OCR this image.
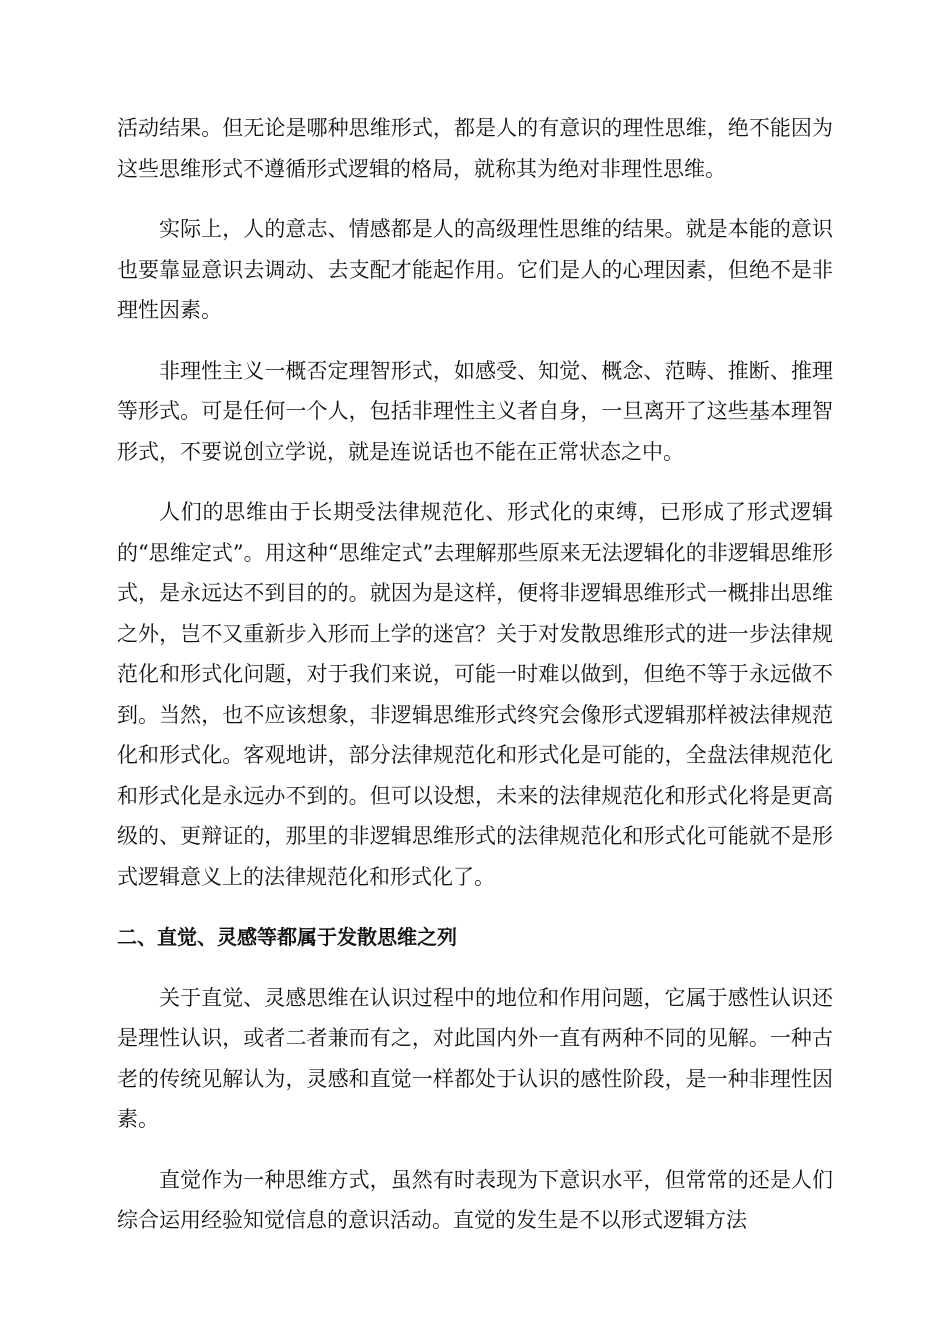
活动结果。但无论是哪种思维形式，都是人的有意识的理性思维，绝不能因为这些思维形式不遵循形式逻辑的格局，就称其为绝对非理性思维。

实际上，人的意志、情感都是人的高级理性思维的结果。就是本能的意识也要靠显意识去调动、去支配才能起作用。它们是人的心理因素，但绝不是非理性因素。

非理性主义一概否定理智形式，如感受、知觉、概念、范畴、推断、推理等形式。可是任何一个人，包括非理性主义者自身，一旦离开了这些基本理智形式，不要说创立学说，就是连说话也不能在正常状态之中。

人们的思维由于长期受法律规范化、形式化的束缚，已形成了形式逻辑的“思维定式”。用这种“思维定式”去理解那些原来无法逻辑化的非逻辑思维形式，是永远达不到目的的。就因为是这样，便将非逻辑思维形式一概排出思维之外，岂不又重新步入形而上学的迷宫？关于对发散思维形式的进一步法律规范化和形式化问题，对于我们来说，可能一时难以做到，但绝不等于永远做不到。当然，也不应该想象，非逻辑思维形式终究会像形式逻辑那样被法律规范化和形式化。客观地讲，部分法律规范化和形式化是可能的，全盘法律规范化和形式化是永远办不到的。但可以设想，未来的法律规范化和形式化将是更高级的、更辩证的，那里的非逻辑思维形式的法律规范化和形式化可能就不是形式逻辑意义上的法律规范化和形式化了。

二、直觉、灵感等都属于发散思维之列

关于直觉、灵感思维在认识过程中的地位和作用问题，它属于感性认识还是理性认识，或者二者兼而有之，对此国内外一直有两种不同的见解。一种古老的传统见解认为，灵感和直觉一样都处于认识的感性阶段，是一种非理性因素。

直觉作为一种思维方式，虽然有时表现为下意识水平，但常常的还是人们综合运用经验知觉信息的意识活动。直觉的发生是不以形式逻辑方法
